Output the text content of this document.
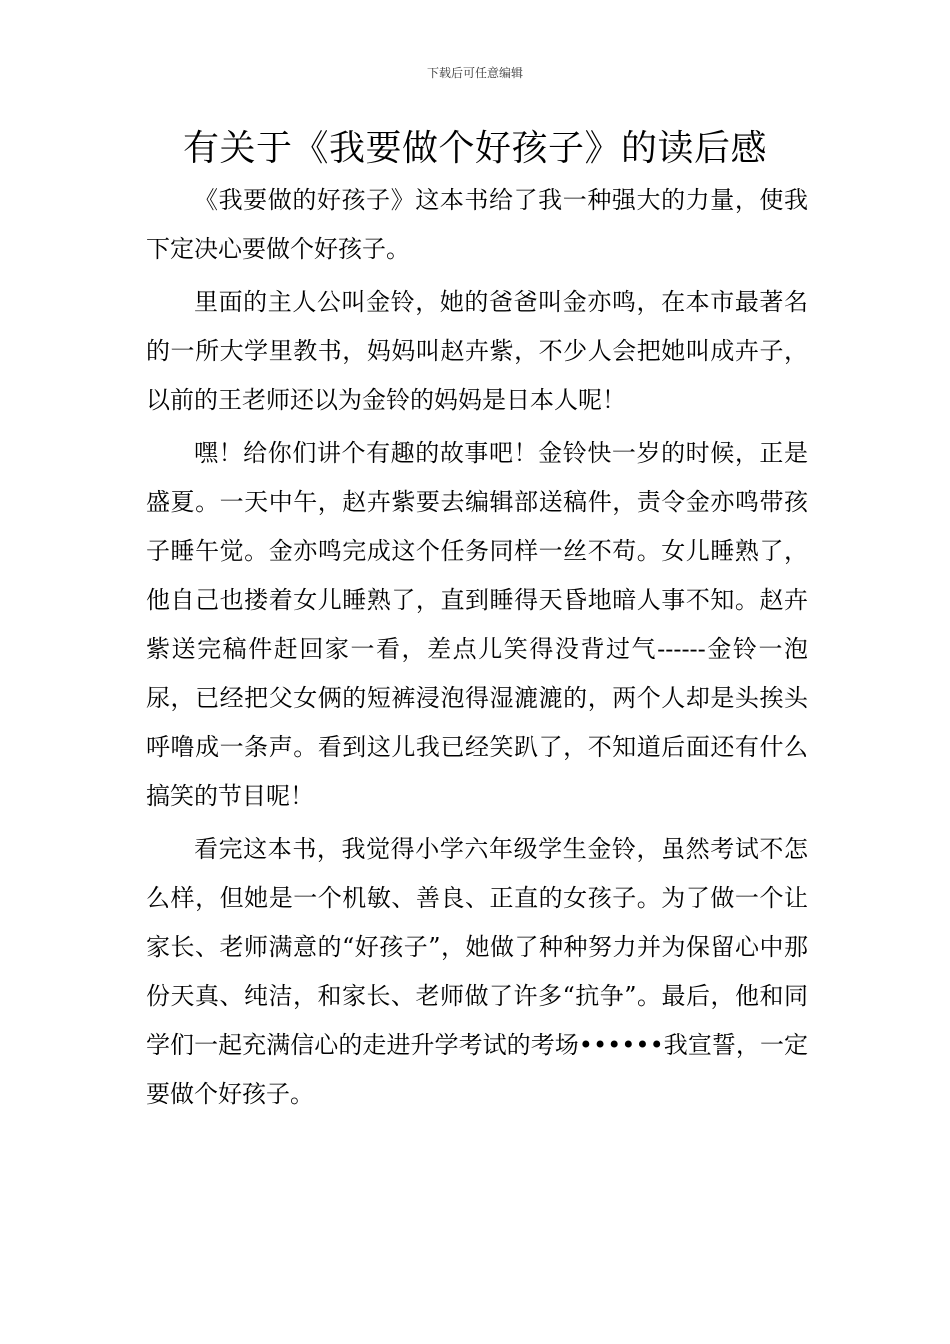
下载后可任意编辑
有关于《我要做个好孩子》的读后感

《我要做的好孩子》这本书给了我一种强大的力量，使我下定决心要做个好孩子。

里面的主人公叫金铃，她的爸爸叫金亦鸣，在本市最著名的一所大学里教书，妈妈叫赵卉紫，不少人会把她叫成卉子，以前的王老师还以为金铃的妈妈是日本人呢！

嘿！给你们讲个有趣的故事吧！金铃快一岁的时候，正是盛夏。一天中午，赵卉紫要去编辑部送稿件，责令金亦鸣带孩子睡午觉。金亦鸣完成这个任务同样一丝不苟。女儿睡熟了，他自己也搂着女儿睡熟了，直到睡得天昏地暗人事不知。赵卉紫送完稿件赶回家一看，差点儿笑得没背过气------金铃一泡尿，已经把父女俩的短裤浸泡得湿漉漉的，两个人却是头挨头呼噜成一条声。看到这儿我已经笑趴了，不知道后面还有什么搞笑的节目呢！

看完这本书，我觉得小学六年级学生金铃，虽然考试不怎么样，但她是一个机敏、善良、正直的女孩子。为了做一个让家长、老师满意的“好孩子”，她做了种种努力并为保留心中那份天真、纯洁，和家长、老师做了许多“抗争”。最后，他和同学们一起充满信心的走进升学考试的考场••••••我宣誓，一定要做个好孩子。
